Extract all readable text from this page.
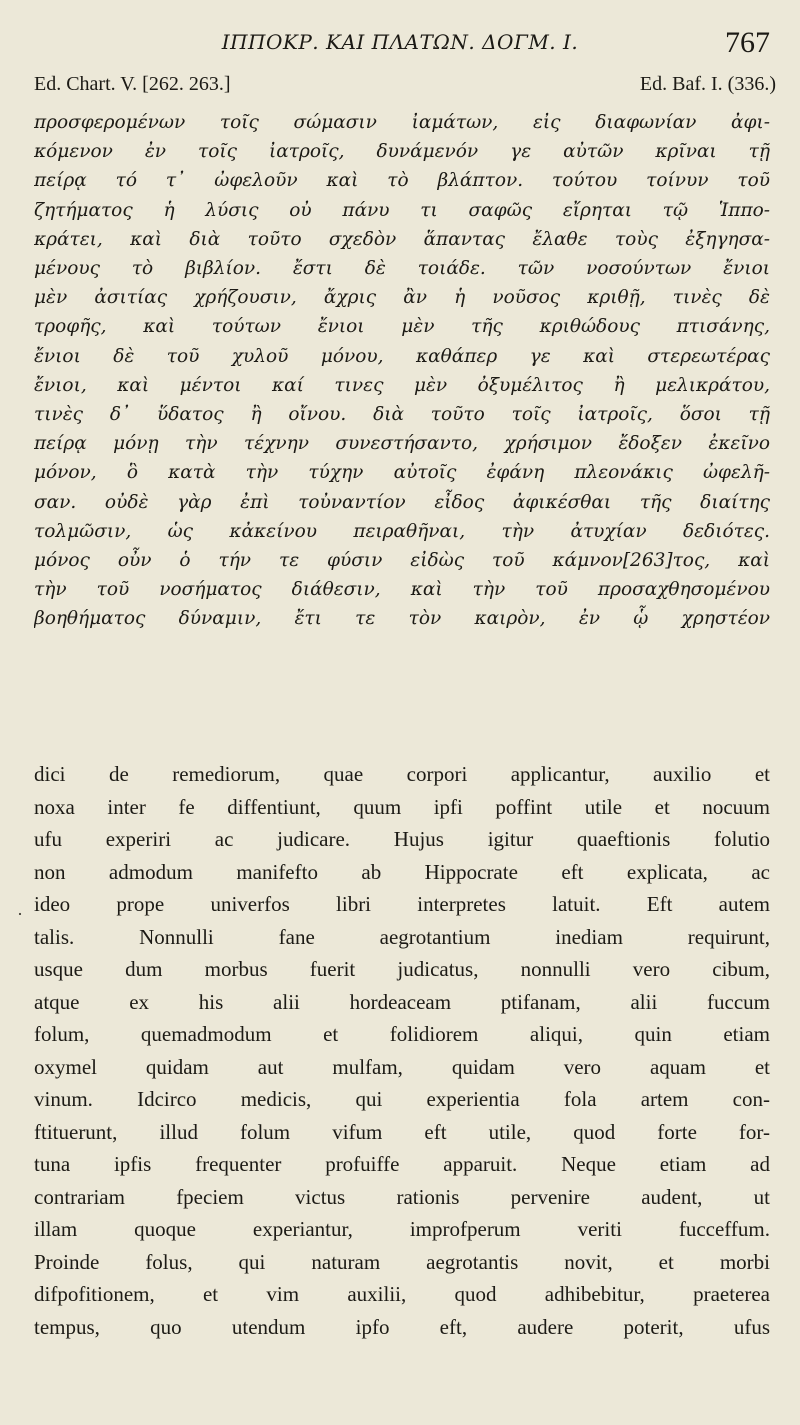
ΙΠΠΟΚΡ. ΚΑΙ ΠΛΑΤΩΝ. ΔΟΓΜ. Ι.	767
Ed. Chart. V. [262. 263.]	Ed. Baf. I. (336.)
προσφερομένων τοῖς σώμασιν ἰαμάτων, εἰς διαφωνίαν ἀφι-
κόμενον ἐν τοῖς ἰατροῖς, δυνάμενόν γε αὐτῶν κρῖναι τῇ
πείρᾳ τό τ᾽ ὠφελοῦν καὶ τὸ βλάπτον. τούτου τοίνυν τοῦ
ζητήματος ἡ λύσις οὐ πάνυ τι σαφῶς εἴρηται τῷ Ἱππο-
κράτει, καὶ διὰ τοῦτο σχεδὸν ἅπαντας ἔλαθε τοὺς ἐξηγησα-
μένους τὸ βιβλίον. ἔστι δὲ τοιάδε. τῶν νοσούντων ἔνιοι
μὲν ἀσιτίας χρήζουσιν, ἄχρις ἂν ἡ νοῦσος κριθῇ, τινὲς δὲ
τροφῆς, καὶ τούτων ἔνιοι μὲν τῆς κριθώδους πτισάνης,
ἔνιοι δὲ τοῦ χυλοῦ μόνου, καθάπερ γε καὶ στερεωτέρας
ἔνιοι, καὶ μέντοι καί τινες μὲν ὀξυμέλιτος ἢ μελικράτου,
τινὲς δ᾽ ὕδατος ἢ οἴνου. διὰ τοῦτο τοῖς ἰατροῖς, ὅσοι τῇ
πείρᾳ μόνῃ τὴν τέχνην συνεστήσαντο, χρήσιμον ἔδοξεν ἐκεῖνο
μόνον, ὃ κατὰ τὴν τύχην αὐτοῖς ἐφάνη πλεονάκις ὠφελῆ-
σαν. οὐδὲ γὰρ ἐπὶ τοὐναντίον εἶδος ἀφικέσθαι τῆς διαίτης
τολμῶσιν, ὡς κἀκείνου πειραθῆναι, τὴν ἀτυχίαν δεδιότες.
μόνος οὖν ὁ τήν τε φύσιν εἰδὼς τοῦ κάμνον[263]τος, καὶ
τὴν τοῦ νοσήματος διάθεσιν, καὶ τὴν τοῦ προσαχθησομένου
βοηθήματος δύναμιν, ἔτι τε τὸν καιρὸν, ἐν ᾧ χρηστέον
·
dici de remediorum, quae corpori applicantur, auxilio et
noxa inter fe diffentiunt, quum ipfi poffint utile et nocuum
ufu experiri ac judicare. Hujus igitur quaeftionis folutio
non admodum manifefto ab Hippocrate eft explicata, ac
ideo prope univerfos libri interpretes latuit. Eft autem
talis. Nonnulli fane aegrotantium inediam requirunt,
usque dum morbus fuerit judicatus, nonnulli vero cibum,
atque ex his alii hordeaceam ptifanam, alii fuccum
folum, quemadmodum et folidiorem aliqui, quin etiam
oxymel quidam aut mulfam, quidam vero aquam et
vinum. Idcirco medicis, qui experientia fola artem con-
ftituerunt, illud folum vifum eft utile, quod forte for-
tuna ipfis frequenter profuiffe apparuit. Neque etiam ad
contrariam fpeciem victus rationis pervenire audent, ut
illam quoque experiantur, improfperum veriti fucceffum.
Proinde folus, qui naturam aegrotantis novit, et morbi
difpofitionem, et vim auxilii, quod adhibebitur, praeterea
tempus, quo utendum ipfo eft, audere poterit, ufus
